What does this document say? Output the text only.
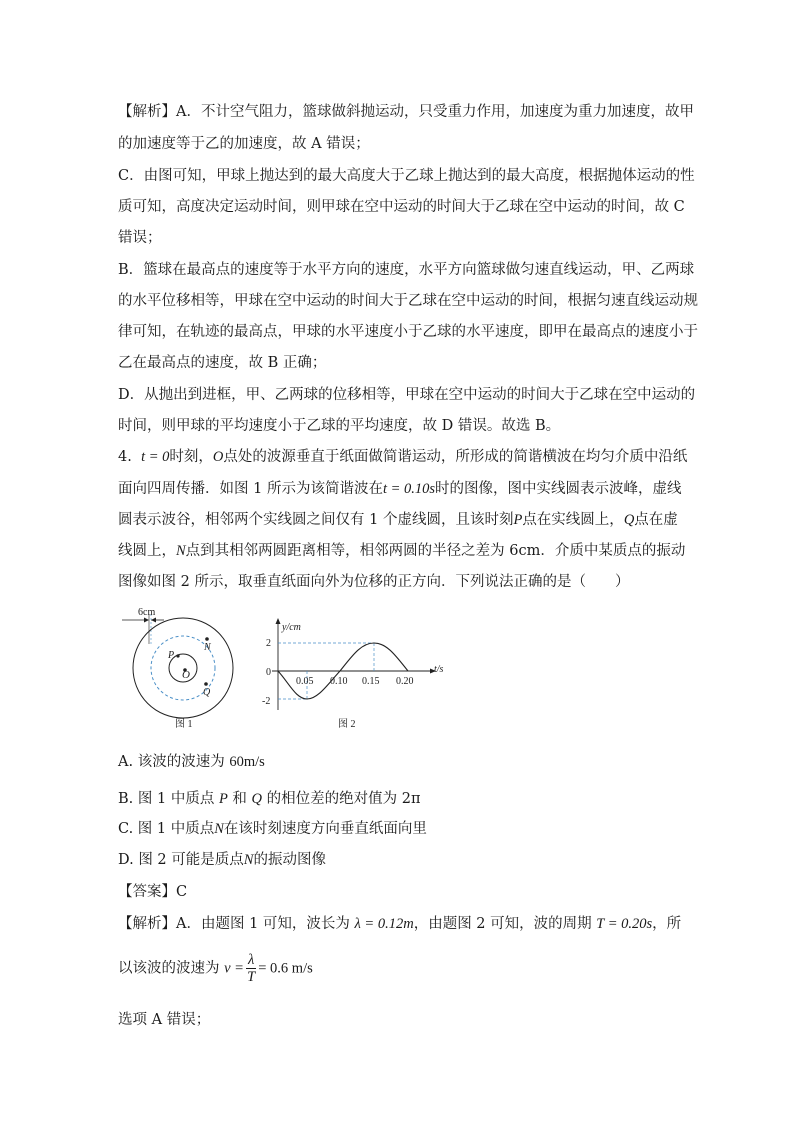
【解析】A．不计空气阻力，篮球做斜抛运动，只受重力作用，加速度为重力加速度，故甲
的加速度等于乙的加速度，故 A 错误；
C．由图可知，甲球上抛达到的最大高度大于乙球上抛达到的最大高度，根据抛体运动的性
质可知，高度决定运动时间，则甲球在空中运动的时间大于乙球在空中运动的时间，故 C
错误；
B．篮球在最高点的速度等于水平方向的速度，水平方向篮球做匀速直线运动，甲、乙两球
的水平位移相等，甲球在空中运动的时间大于乙球在空中运动的时间，根据匀速直线运动规
律可知，在轨迹的最高点，甲球的水平速度小于乙球的水平速度，即甲在最高点的速度小于
乙在最高点的速度，故 B 正确；
D．从抛出到进框，甲、乙两球的位移相等，甲球在空中运动的时间大于乙球在空中运动的
时间，则甲球的平均速度小于乙球的平均速度，故 D 错误。故选 B。
4. t = 0时刻，O点处的波源垂直于纸面做简谐运动，所形成的简谐横波在均匀介质中沿纸
面向四周传播．如图 1 所示为该简谐波在t = 0.10s时的图像，图中实线圆表示波峰，虚线
圆表示波谷，相邻两个实线圆之间仅有 1 个虚线圆，且该时刻P点在实线圆上，Q点在虚
线圆上，N点到其相邻两圆距离相等，相邻两圆的半径之差为 6cm．介质中某质点的振动
图像如图 2 所示，取垂直纸面向外为位移的正方向．下列说法正确的是（　　）
6cm
P
O
N
Q
图 1
y/cm
t/s
2
0
-2
0.05 0.10 0.15 0.20
图 2
A. 该波的波速为 60m/s
B. 图 1 中质点 P 和 Q 的相位差的绝对值为 2π
C. 图 1 中质点N在该时刻速度方向垂直纸面向里
D. 图 2 可能是质点N的振动图像
【答案】C
【解析】A．由题图 1 可知，波长为 λ = 0.12m，由题图 2 可知，波的周期 T = 0.20s，所
以该波的波速为 $v = \frac{\lambda}{T} = 0.6$ m/s
选项 A 错误；
